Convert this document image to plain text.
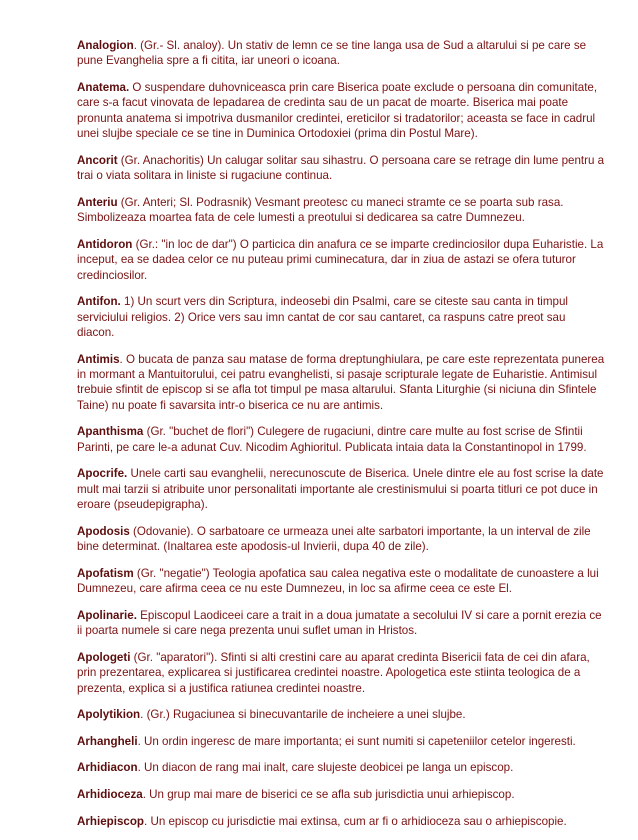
Analogion. (Gr.- Sl. analoy). Un stativ de lemn ce se tine langa usa de Sud a altarului si pe care se pune Evanghelia spre a fi citita, iar uneori o icoana.

Anatema. O suspendare duhovniceasca prin care Biserica poate exclude o persoana din comunitate, care s-a facut vinovata de lepadarea de credinta sau de un pacat de moarte. Biserica mai poate pronunta anatema si impotriva dusmanilor credintei, ereticilor si tradatorilor; aceasta se face in cadrul unei slujbe speciale ce se tine in Duminica Ortodoxiei (prima din Postul Mare).

Ancorit (Gr. Anachoritis) Un calugar solitar sau sihastru. O persoana care se retrage din lume pentru a trai o viata solitara in liniste si rugaciune continua.

Anteriu (Gr. Anteri; Sl. Podrasnik) Vesmant preotesc cu maneci stramte ce se poarta sub rasa. Simbolizeaza moartea fata de cele lumesti a preotului si dedicarea sa catre Dumnezeu.

Antidoron (Gr.: "in loc de dar") O particica din anafura ce se imparte credinciosilor dupa Euharistie. La inceput, ea se dadea celor ce nu puteau primi cuminecatura, dar in ziua de astazi se ofera tuturor credinciosilor.

Antifon. 1) Un scurt vers din Scriptura, indeosebi din Psalmi, care se citeste sau canta in timpul serviciului religios. 2) Orice vers sau imn cantat de cor sau cantaret, ca raspuns catre preot sau diacon.

Antimis. O bucata de panza sau matase de forma dreptunghiulara, pe care este reprezentata punerea in mormant a Mantuitorului, cei patru evanghelisti, si pasaje scripturale legate de Euharistie. Antimisul trebuie sfintit de episcop si se afla tot timpul pe masa altarului. Sfanta Liturghie (si niciuna din Sfintele Taine) nu poate fi savarsita intr-o biserica ce nu are antimis.

Apanthisma (Gr. "buchet de flori") Culegere de rugaciuni, dintre care multe au fost scrise de Sfintii Parinti, pe care le-a adunat Cuv. Nicodim Aghioritul. Publicata intaia data la Constantinopol in 1799.

Apocrife. Unele carti sau evanghelii, nerecunoscute de Biserica. Unele dintre ele au fost scrise la date mult mai tarzii si atribuite unor personalitati importante ale crestinismului si poarta titluri ce pot duce in eroare (pseudepigrapha).

Apodosis (Odovanie). O sarbatoare ce urmeaza unei alte sarbatori importante, la un interval de zile bine determinat. (Inaltarea este apodosis-ul Invierii, dupa 40 de zile).

Apofatism (Gr. "negatie") Teologia apofatica sau calea negativa este o modalitate de cunoastere a lui Dumnezeu, care afirma ceea ce nu este Dumnezeu, in loc sa afirme ceea ce este El.

Apolinarie. Episcopul Laodiceei care a trait in a doua jumatate a secolului IV si care a pornit erezia ce ii poarta numele si care nega prezenta unui suflet uman in Hristos.

Apologeti (Gr. "aparatori"). Sfinti si alti crestini care au aparat credinta Bisericii fata de cei din afara, prin prezentarea, explicarea si justificarea credintei noastre. Apologetica este stiinta teologica de a prezenta, explica si a justifica ratiunea credintei noastre.

Apolytikion. (Gr.) Rugaciunea si binecuvantarile de incheiere a unei slujbe.

Arhangheli. Un ordin ingeresc de mare importanta; ei sunt numiti si capeteniilor cetelor ingeresti.

Arhidiacon. Un diacon de rang mai inalt, care slujeste deobicei pe langa un episcop.

Arhidioceza. Un grup mai mare de biserici ce se afla sub jurisdictia unui arhiepiscop.

Arhiepiscop. Un episcop cu jurisdictie mai extinsa, cum ar fi o arhidioceza sau o arhiepiscopie.
